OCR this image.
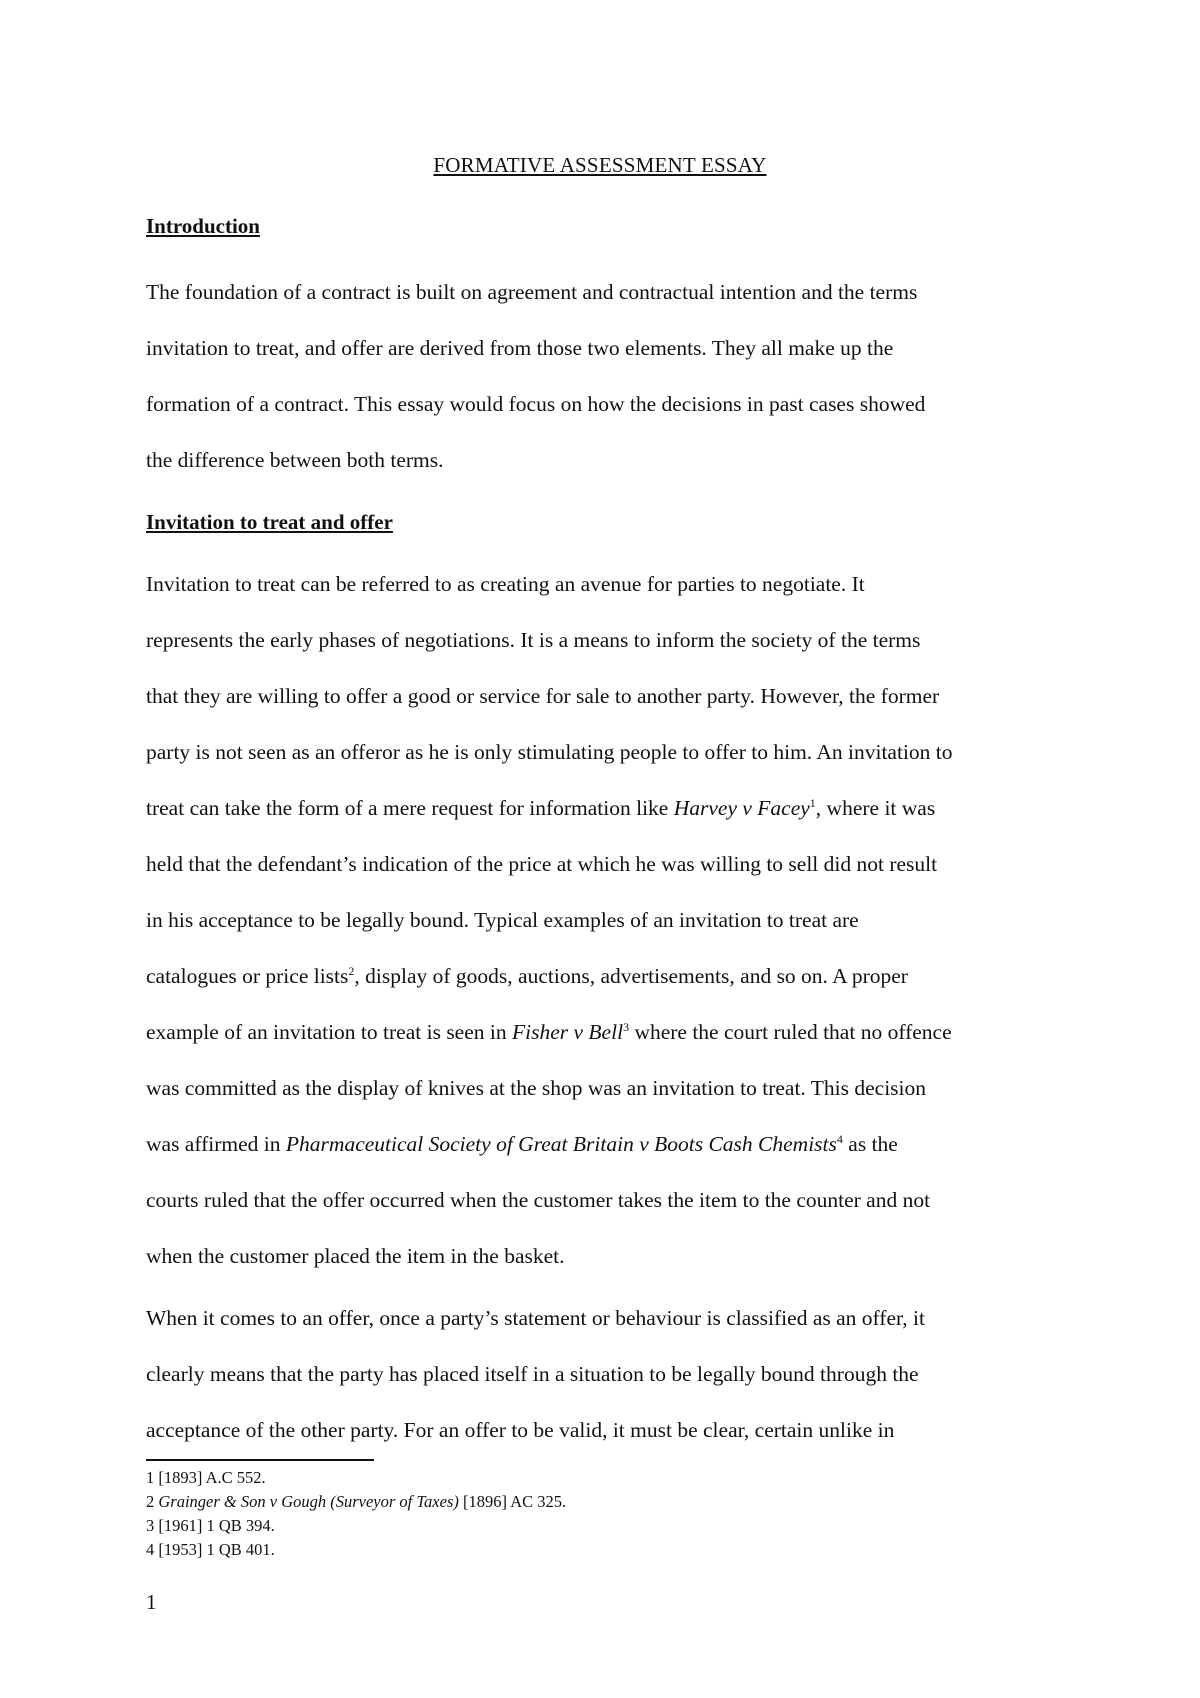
FORMATIVE ASSESSMENT ESSAY
Introduction
The foundation of a contract is built on agreement and contractual intention and the terms
invitation to treat, and offer are derived from those two elements. They all make up the
formation of a contract. This essay would focus on how the decisions in past cases showed
the difference between both terms.
Invitation to treat and offer
Invitation to treat can be referred to as creating an avenue for parties to negotiate. It
represents the early phases of negotiations. It is a means to inform the society of the terms
that they are willing to offer a good or service for sale to another party. However, the former
party is not seen as an offeror as he is only stimulating people to offer to him. An invitation to
treat can take the form of a mere request for information like Harvey v Facey$^1$, where it was
held that the defendant’s indication of the price at which he was willing to sell did not result
in his acceptance to be legally bound. Typical examples of an invitation to treat are
catalogues or price lists$^2$, display of goods, auctions, advertisements, and so on. A proper
example of an invitation to treat is seen in Fisher v Bell$^3$ where the court ruled that no offence
was committed as the display of knives at the shop was an invitation to treat. This decision
was affirmed in Pharmaceutical Society of Great Britain v Boots Cash Chemists$^4$ as the
courts ruled that the offer occurred when the customer takes the item to the counter and not
when the customer placed the item in the basket.
When it comes to an offer, once a party’s statement or behaviour is classified as an offer, it
clearly means that the party has placed itself in a situation to be legally bound through the
acceptance of the other party. For an offer to be valid, it must be clear, certain unlike in
1 [1893] A.C 552.
2 Grainger & Son v Gough (Surveyor of Taxes) [1896] AC 325.
3 [1961] 1 QB 394.
4 [1953] 1 QB 401.
1
